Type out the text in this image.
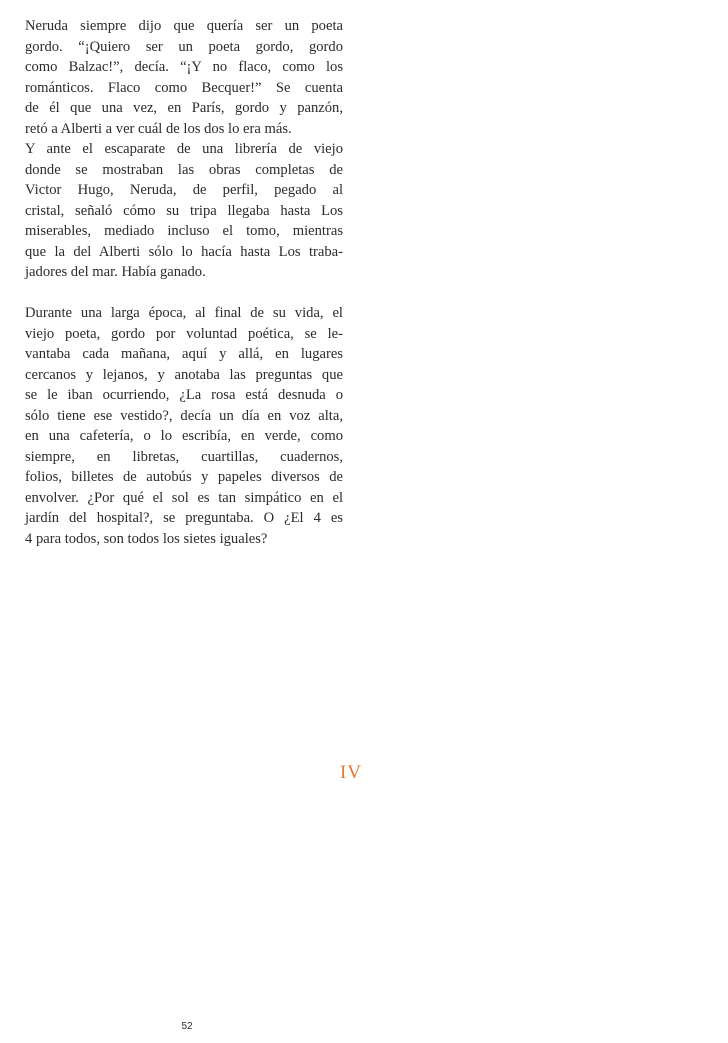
Neruda siempre dijo que quería ser un poeta
gordo. “¡Quiero ser un poeta gordo, gordo
como Balzac!”, decía. “¡Y no flaco, como los
románticos. Flaco como Becquer!” Se cuenta
de él que una vez, en París, gordo y panzón,
retó a Alberti a ver cuál de los dos lo era más.
Y ante el escaparate de una librería de viejo
donde se mostraban las obras completas de
Victor Hugo, Neruda, de perfil, pegado al
cristal, señaló cómo su tripa llegaba hasta Los
miserables, mediado incluso el tomo, mientras
que la del Alberti sólo lo hacía hasta Los traba-
jadores del mar. Había ganado.
Durante una larga época, al final de su vida, el
viejo poeta, gordo por voluntad poética, se le-
vantaba cada mañana, aquí y allá, en lugares
cercanos y lejanos, y anotaba las preguntas que
se le iban ocurriendo, ¿La rosa está desnuda o
sólo tiene ese vestido?, decía un día en voz alta,
en una cafetería, o lo escribía, en verde, como
siempre, en libretas, cuartillas, cuadernos,
folios, billetes de autobús y papeles diversos de
envolver. ¿Por qué el sol es tan simpático en el
jardín del hospital?, se preguntaba. O ¿El 4 es
4 para todos, son todos los sietes iguales?
IV
52
